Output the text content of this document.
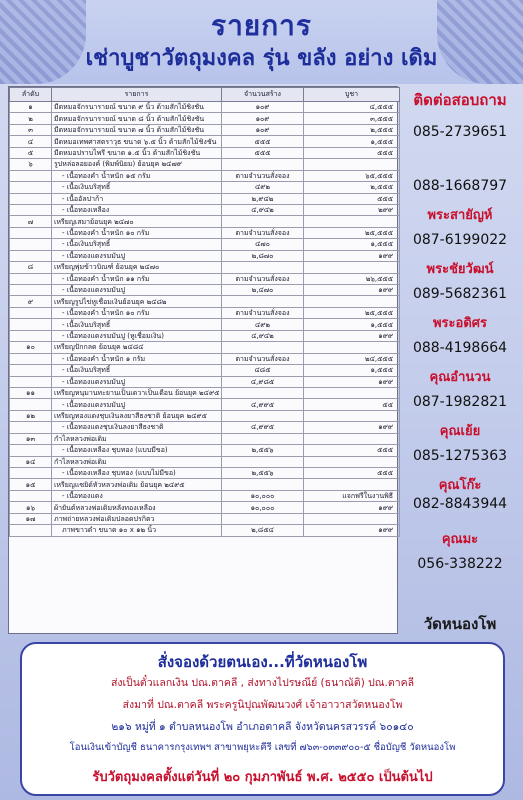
รายการ
เช่าบูชาวัตถุมงคล รุ่น ขลัง อย่าง เดิม
ลำดับ	รายการ	จำนวนสร้าง	บูชา
๑	มีดหมอจักรนารายณ์ ขนาด ๙ นิ้ว ด้ามสักไม้ชิงชัน	๑๐๙	๔,๕๕๕
๒	มีดหมอจักรนารายณ์ ขนาด ๘ นิ้ว ด้ามสักไม้ชิงชัน	๑๐๙	๓,๕๕๕
๓	มีดหมอจักรนารายณ์ ขนาด ๗ นิ้ว ด้ามสักไม้ชิงชัน	๑๐๙	๒,๕๕๕
๔	มีดหมอเทพศาสตราวุธ ขนาด ๖.๕ นิ้ว ด้ามสักไม้ชิงชัน	๕๕๕	๑,๕๕๕
๕	มีดหมอปราบไพรี ขนาด ๑.๕ นิ้ว ด้ามสักไม้ชิงชัน	๕๕๕	๕๕๕
๖	รูปหล่อลอยองค์ (พิมพ์นิยม) ย้อนยุค ๒๔๗๙		
	- เนื้อทองคำ น้ำหนัก ๑๕ กรัม	ตามจำนวนสั่งจอง	๖๕,๕๕๕
	- เนื้อเงินบริสุทธิ์	๔๙๒	๒,๕๕๕
	- เนื้ออัลปาก้า	๒,๙๔๒	๕๕๕
	- เนื้อทองเหลือง	๔,๙๔๒	๒๙๙
๗	เหรียญเสมาย้อนยุค ๒๔๗๐		
	- เนื้อทองคำ น้ำหนัก ๑๐ กรัม	ตามจำนวนสั่งจอง	๒๕,๕๕๕
	- เนื้อเงินบริสุทธิ์	๔๗๐	๑,๕๕๕
	- เนื้อทองแดงรมมันปู	๒,๘๗๐	๑๙๙
๘	เหรียญพุ่มข้าวบิณฑ์ ย้อนยุค ๒๔๗๐		
	- เนื้อทองคำ น้ำหนัก ๑๑ กรัม	ตามจำนวนสั่งจอง	๒๖,๕๕๕
	- เนื้อทองแดงรมมันปู	๒,๔๗๐	๑๙๙
๙	เหรียญรูปไข่หูเชื่อมเงินย้อนยุค ๒๔๘๒		
	- เนื้อทองคำ น้ำหนัก ๑๐ กรัม	ตามจำนวนสั่งจอง	๒๕,๕๕๕
	- เนื้อเงินบริสุทธิ์	๔๙๒	๑,๕๕๕
	- เนื้อทองแดงรมมันปู (หูเชื่อมเงิน)	๔,๙๔๒	๑๙๙
๑๐	เหรียญปักกลด ย้อนยุค ๒๔๘๔		
	- เนื้อทองคำ น้ำหนัก ๑ กรัม	ตามจำนวนสั่งจอง	๒๔,๕๕๕
	- เนื้อเงินบริสุทธิ์	๔๘๕	๑,๕๕๕
	- เนื้อทองแดงรมมันปู	๔,๙๘๕	๑๙๙
๑๑	เหรียญหนุมานทะยานเป็นเดวาเป็นเดือน ย้อนยุค ๒๔๙๕		
	- เนื้อทองแดงรมมันปู	๔,๙๙๕	๕๕
๑๒	เหรียญทองแดงชุบเงินลงยาสีธงชาติ ย้อนยุค ๒๔๙๕		
	- เนื้อทองแดงชุบเงินลงยาสีธงชาติ	๔,๙๙๕	๑๙๙
๑๓	กำไลหลวงพ่อเดิม		
	- เนื้อทองเหลือง ชุบทอง (แบบมีขอ)	๒,๕๕๖	๕๕๕
๑๔	กำไลหลวงพ่อเดิม		
	- เนื้อทองเหลือง ชุบทอง (แบบไม่มีขอ)	๒,๕๕๖	๕๕๕
๑๕	เหรียญแซยิด์หัวหลวงพ่อเดิม ย้อนยุค ๒๔๙๕		
	- เนื้อทองแดง	๑๐,๐๐๐	แจกฟรีในงานพิธี
๑๖	ผ้ายันต์หลวงพ่อเดิมหลังทองเหลือง	๑๐,๐๐๐	๑๙๙
๑๗	ภาพถ่ายหลวงพ่อเดิมปลอดปรกิตว		
	ภาพขาวดำ ขนาด ๑๐ x ๑๒ นิ้ว	๒,๘๕๔	๑๙๙
ติดต่อสอบถาม
085-2739651
พระสายัญห์
088-1668797
พระชัยวัฒน์
087-6199022
พระอดิศร
089-5682361
คุณอำนวน
088-4198664
คุณเย้ย
087-1982821
คุณโก๊ะ
085-1275363
082-8843944
คุณมะ
056-338222
วัดหนองโพ
สั่งจองด้วยตนเอง...ที่วัดหนองโพ
ส่งเป็นตั๋วแลกเงิน ปณ.ตาคลี , ส่งทางไปรษณีย์ (ธนาณัติ) ปณ.ตาคลี
ส่งมาที่ ปณ.ตาคลี พระครูนิปุณพัฒนวงศ์ เจ้าอาวาสวัดหนองโพ
๒๑๖ หมู่ที่ ๑ ตำบลหนองโพ อำเภอตาคลี จังหวัดนครสวรรค์ ๖๐๑๔๐
โอนเงินเข้าบัญชี ธนาคารกรุงเทพฯ สาขาพยุหะคีรี เลขที่ ๗๖๓-๐๓๓๙๐๐-๕ ชื่อบัญชี วัดหนองโพ
รับวัตถุมงคลตั้งแต่วันที่ ๒๐ กุมภาพันธ์ พ.ศ. ๒๕๕๐ เป็นต้นไป
